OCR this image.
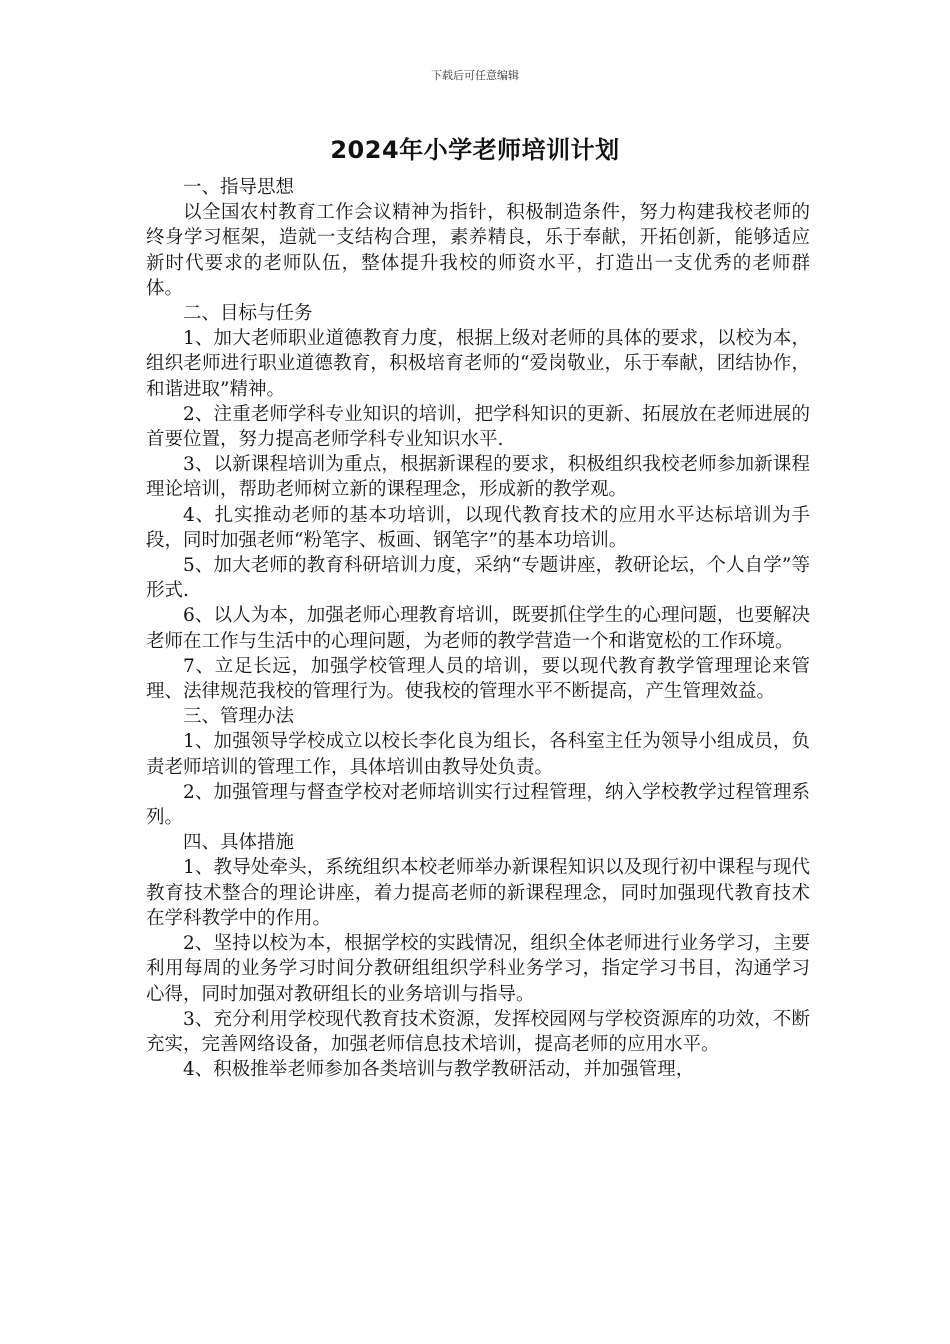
下载后可任意编辑
2024年小学老师培训计划

一、指导思想

以全国农村教育工作会议精神为指针，积极制造条件，努力构建我校老师的终身学习框架，造就一支结构合理，素养精良，乐于奉献，开拓创新，能够适应新时代要求的老师队伍，整体提升我校的师资水平，打造出一支优秀的老师群体。

二、目标与任务

1、加大老师职业道德教育力度，根据上级对老师的具体的要求，以校为本，组织老师进行职业道德教育，积极培育老师的“爱岗敬业，乐于奉献，团结协作，和谐进取”精神。

2、注重老师学科专业知识的培训，把学科知识的更新、拓展放在老师进展的首要位置，努力提高老师学科专业知识水平.

3、以新课程培训为重点，根据新课程的要求，积极组织我校老师参加新课程理论培训，帮助老师树立新的课程理念，形成新的教学观。

4、扎实推动老师的基本功培训，以现代教育技术的应用水平达标培训为手段，同时加强老师“粉笔字、板画、钢笔字”的基本功培训。

5、加大老师的教育科研培训力度，采纳“专题讲座，教研论坛，个人自学”等形式.

6、以人为本，加强老师心理教育培训，既要抓住学生的心理问题，也要解决老师在工作与生活中的心理问题，为老师的教学营造一个和谐宽松的工作环境。

7、立足长远，加强学校管理人员的培训，要以现代教育教学管理理论来管理、法律规范我校的管理行为。使我校的管理水平不断提高，产生管理效益。

三、管理办法

1、加强领导学校成立以校长李化良为组长，各科室主任为领导小组成员，负责老师培训的管理工作，具体培训由教导处负责。

2、加强管理与督查学校对老师培训实行过程管理，纳入学校教学过程管理系列。

四、具体措施

1、教导处牵头，系统组织本校老师举办新课程知识以及现行初中课程与现代教育技术整合的理论讲座，着力提高老师的新课程理念，同时加强现代教育技术在学科教学中的作用。

2、坚持以校为本，根据学校的实践情况，组织全体老师进行业务学习，主要利用每周的业务学习时间分教研组组织学科业务学习，指定学习书目，沟通学习心得，同时加强对教研组长的业务培训与指导。

3、充分利用学校现代教育技术资源，发挥校园网与学校资源库的功效，不断充实，完善网络设备，加强老师信息技术培训，提高老师的应用水平。

4、积极推举老师参加各类培训与教学教研活动，并加强管理，
